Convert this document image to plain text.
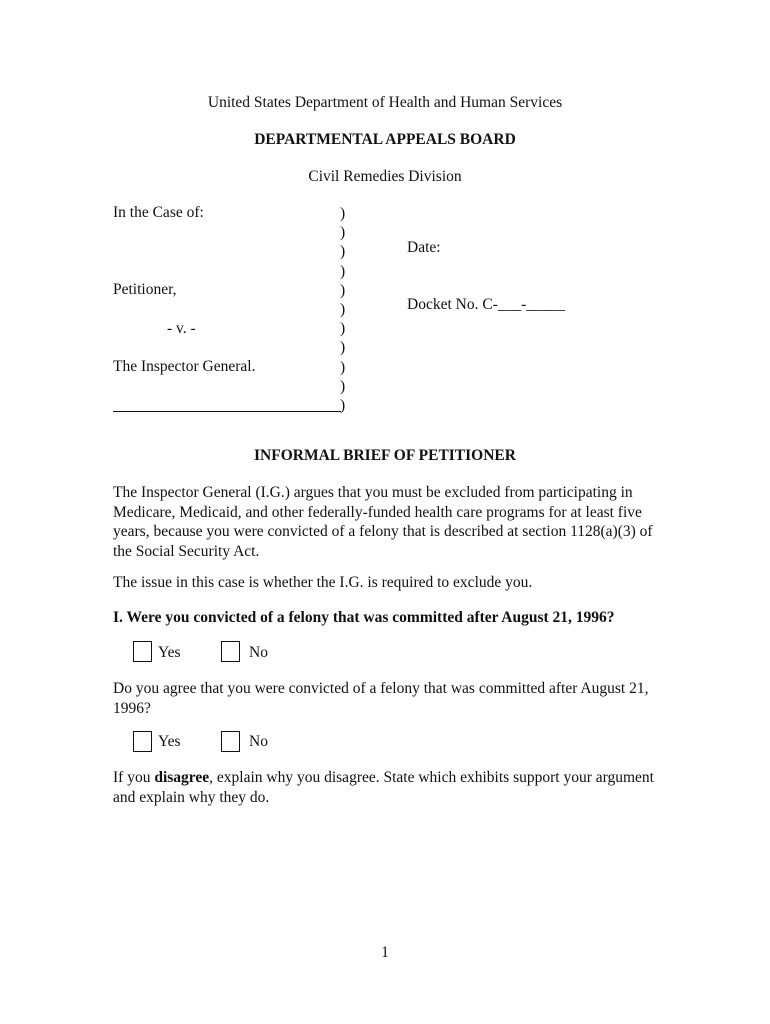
United States Department of Health and Human Services
DEPARTMENTAL APPEALS BOARD
Civil Remedies Division
In the Case of:
Petitioner,
- v. -
The Inspector General.
)
)
)
)
)
)
)
)
)
)
)
Date:
Docket No. C-___-_____
INFORMAL BRIEF OF PETITIONER
The Inspector General (I.G.) argues that you must be excluded from participating in Medicare, Medicaid, and other federally-funded health care programs for at least five years, because you were convicted of a felony that is described at section 1128(a)(3) of the Social Security Act.
The issue in this case is whether the I.G. is required to exclude you.
I. Were you convicted of a felony that was committed after August 21, 1996?
Yes	No
Do you agree that you were convicted of a felony that was committed after August 21, 1996?
Yes	No
If you disagree, explain why you disagree. State which exhibits support your argument and explain why they do.
1
